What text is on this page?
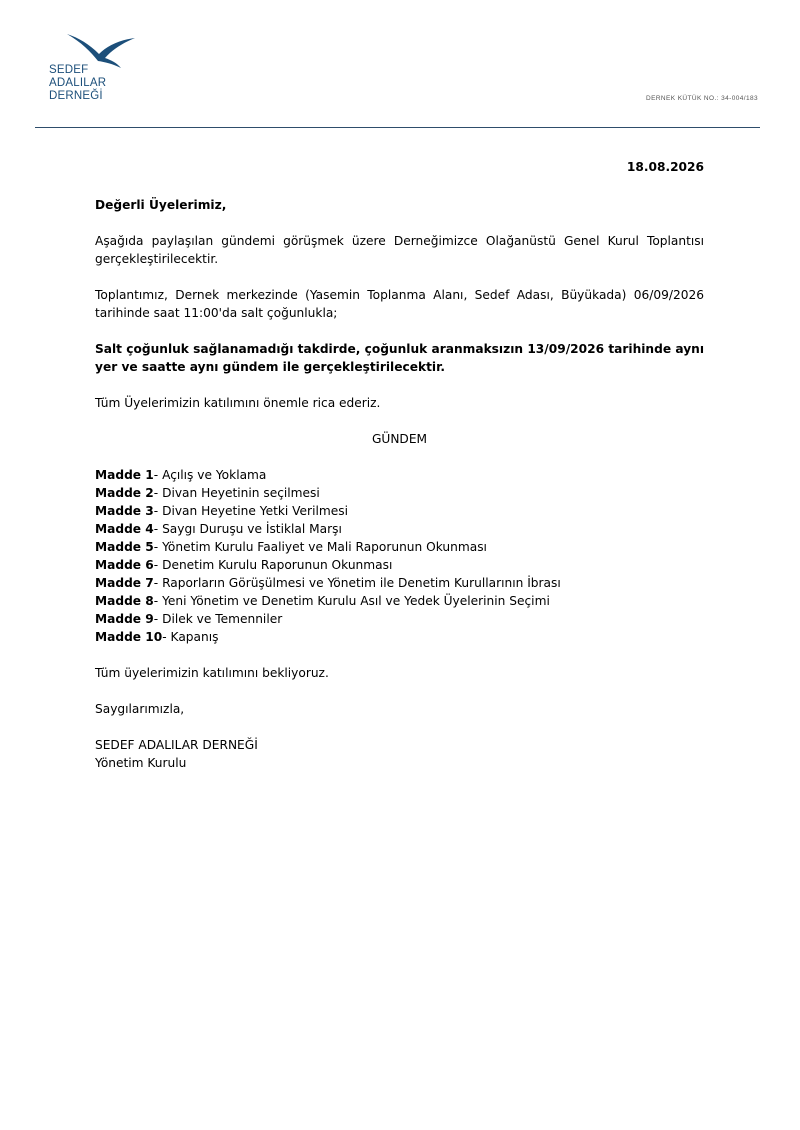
SEDEF
ADALILAR
DERNEĞİ	DERNEK KÜTÜK NO.: 34-004/183

18.08.2026

Değerli Üyelerimiz,

Aşağıda paylaşılan gündemi görüşmek üzere Derneğimizce Olağanüstü Genel Kurul Toplantısı gerçekleştirilecektir.

Toplantımız, Dernek merkezinde (Yasemin Toplanma Alanı, Sedef Adası, Büyükada) 06/09/2026 tarihinde saat 11:00'da salt çoğunlukla;

Salt çoğunluk sağlanamadığı takdirde, çoğunluk aranmaksızın 13/09/2026 tarihinde aynı yer ve saatte aynı gündem ile gerçekleştirilecektir.

Tüm Üyelerimizin katılımını önemle rica ederiz.

GÜNDEM

Madde 1- Açılış ve Yoklama
Madde 2- Divan Heyetinin seçilmesi
Madde 3- Divan Heyetine Yetki Verilmesi
Madde 4- Saygı Duruşu ve İstiklal Marşı
Madde 5- Yönetim Kurulu Faaliyet ve Mali Raporunun Okunması
Madde 6- Denetim Kurulu Raporunun Okunması
Madde 7- Raporların Görüşülmesi ve Yönetim ile Denetim Kurullarının İbrası
Madde 8- Yeni Yönetim ve Denetim Kurulu Asıl ve Yedek Üyelerinin Seçimi
Madde 9- Dilek ve Temenniler
Madde 10- Kapanış

Tüm üyelerimizin katılımını bekliyoruz.

Saygılarımızla,

SEDEF ADALILAR DERNEĞİ
Yönetim Kurulu
